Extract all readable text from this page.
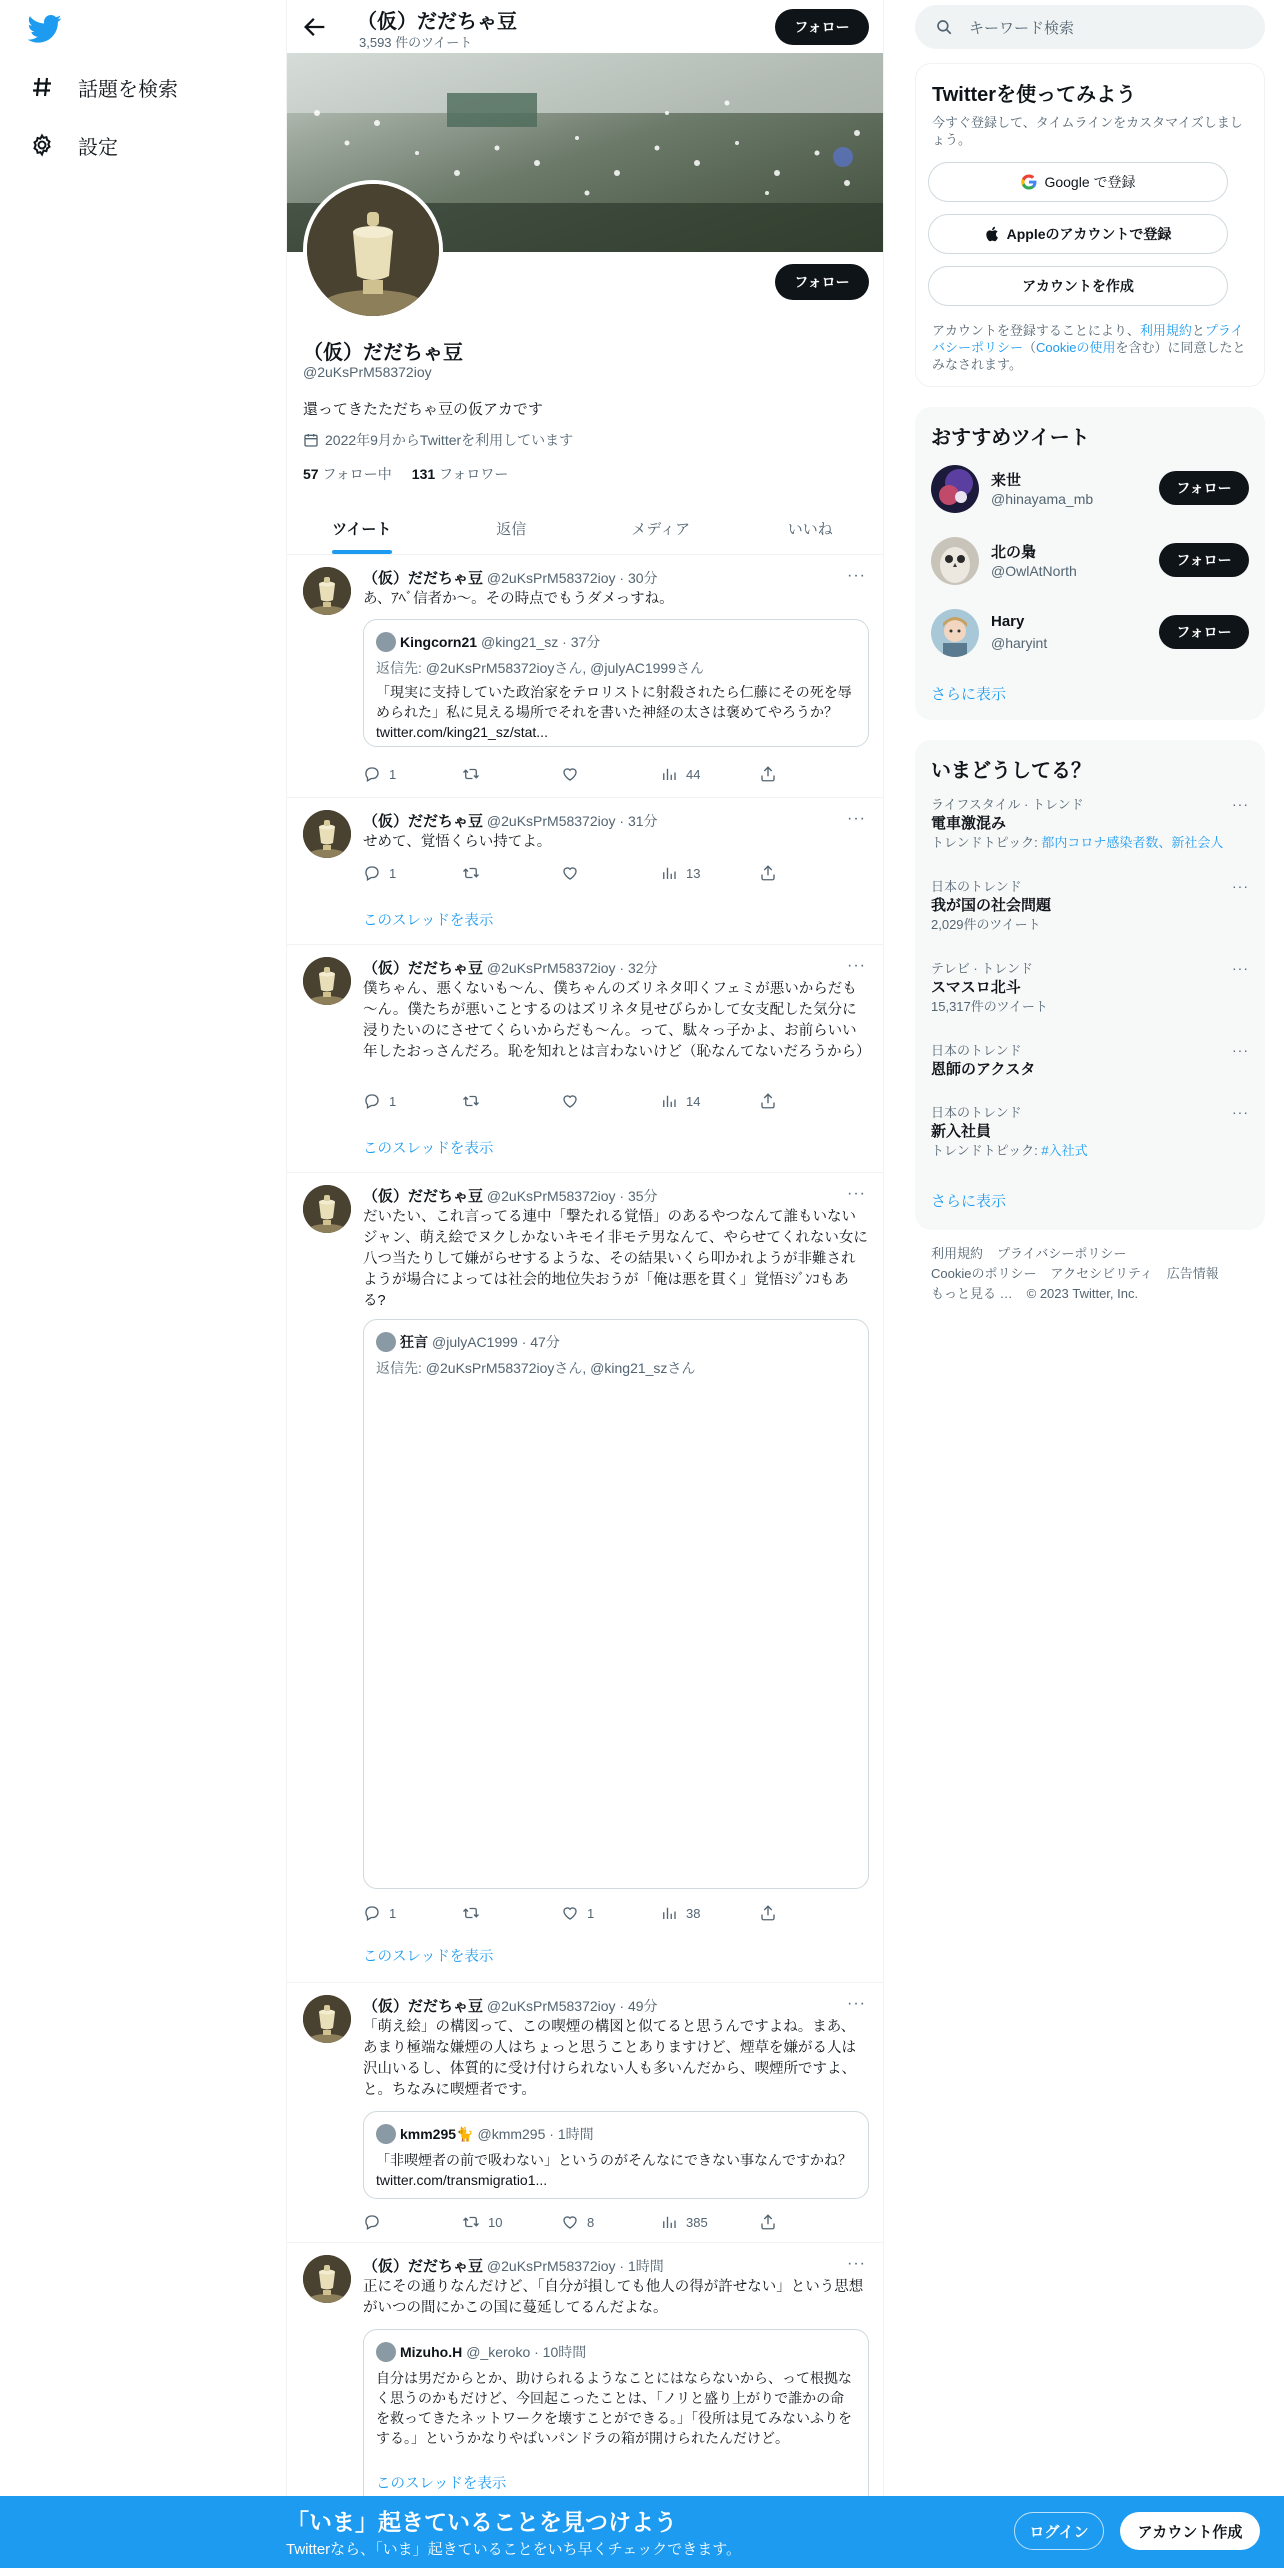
話題を検索
設定
（仮）だだちゃ豆
3,593 件のツイート
フォロー
フォロー
（仮）だだちゃ豆
@2uKsPrM58372ioy
還ってきたただちゃ豆の仮アカです
2022年9月からTwitterを利用しています
57 フォロー中 131 フォロワー
ツイート	返信	メディア	いいね
（仮）だだちゃ豆 @2uKsPrM58372ioy · 30分	···
あ、ｱﾍﾞ信者か～。その時点でもうダメっすね。
Kingcorn21 @king21_sz · 37分
返信先: @2uKsPrM58372ioyさん, @julyAC1999さん
「現実に支持していた政治家をテロリストに射殺されたら仁藤にその死を辱められた」私に見える場所でそれを書いた神経の太さは褒めてやろうか？ twitter.com/king21_sz/stat...
1	44
（仮）だだちゃ豆 @2uKsPrM58372ioy · 31分	···
せめて、覚悟くらい持てよ。
1	13
このスレッドを表示
（仮）だだちゃ豆 @2uKsPrM58372ioy · 32分	···
僕ちゃん、悪くないも～ん、僕ちゃんのズリネタ叩くフェミが悪いからだも～ん。僕たちが悪いことするのはズリネタ見せびらかして女支配した気分に浸りたいのにさせてくらいからだも～ん。って、駄々っ子かよ、お前らいい年したおっさんだろ。恥を知れとは言わないけど（恥なんてないだろうから）
1	14
このスレッドを表示
（仮）だだちゃ豆 @2uKsPrM58372ioy · 35分	···
だいたい、これ言ってる連中「撃たれる覚悟」のあるやつなんて誰もいないジャン、萌え絵でヌクしかないキモイ非モテ男なんて、やらせてくれない女に八つ当たりして嫌がらせするような、その結果いくら叩かれようが非難されようが場合によっては社会的地位失おうが「俺は悪を貫く」覚悟ﾐｼﾞﾝｺもある?
狂言 @julyAC1999 · 47分
返信先: @2uKsPrM58372ioyさん, @king21_szさん
1	1	38
このスレッドを表示
（仮）だだちゃ豆 @2uKsPrM58372ioy · 49分	···
「萌え絵」の構図って、この喫煙の構図と似てると思うんですよね。まあ、あまり極端な嫌煙の人はちょっと思うことありますけど、煙草を嫌がる人は沢山いるし、体質的に受け付けられない人も多いんだから、喫煙所ですよ、と。ちなみに喫煙者です。
kmm295🐈 @kmm295 · 1時間
「非喫煙者の前で吸わない」というのがそんなにできない事なんですかね？ twitter.com/transmigratio1...
10	8	385
（仮）だだちゃ豆 @2uKsPrM58372ioy · 1時間	···
正にその通りなんだけど、「自分が損しても他人の得が許せない」という思想がいつの間にかこの国に蔓延してるんだよな。
Mizuho.H @_keroko · 10時間
自分は男だからとか、助けられるようなことにはならないから、って根拠なく思うのかもだけど、今回起こったことは、「ノリと盛り上がりで誰かの命を救ってきたネットワークを壊すことができる。」「役所は見てみないふりをする。」というかなりやばいパンドラの箱が開けられたんだけど。
このスレッドを表示
キーワード検索
Twitterを使ってみよう
今すぐ登録して、タイムラインをカスタマイズしましょう。
Google で登録
Appleのアカウントで登録
アカウントを作成
アカウントを登録することにより、利用規約とプライバシーポリシー（Cookieの使用を含む）に同意したとみなされます。
おすすめツイート
来世
@hinayama_mb
フォロー
北の梟
@OwlAtNorth
フォロー
Hary
@haryint
フォロー
さらに表示
いまどうしてる？
ライフスタイル · トレンド
電車激混み
トレンドトピック: 都内コロナ感染者数、新社会人
···
日本のトレンド
我が国の社会問題
2,029件のツイート
···
テレビ · トレンド
スマスロ北斗
15,317件のツイート
···
日本のトレンド
恩師のアクスタ
···
日本のトレンド
新入社員
トレンドトピック: #入社式
···
さらに表示
利用規約 プライバシーポリシー
Cookieのポリシー アクセシビリティ 広告情報
もっと見る … © 2023 Twitter, Inc.
「いま」起きていることを見つけよう
Twitterなら、「いま」起きていることをいち早くチェックできます。
ログイン	アカウント作成
